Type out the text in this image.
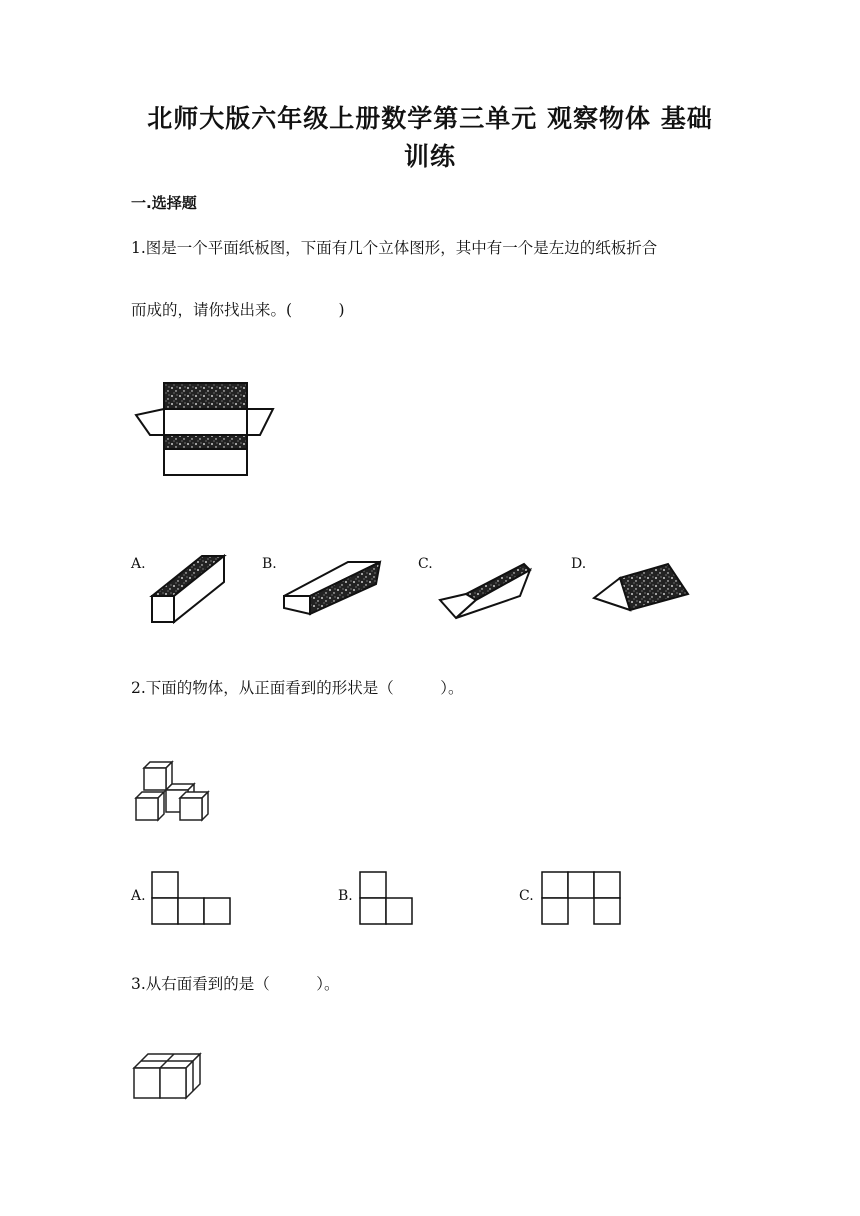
北师大版六年级上册数学第三单元 观察物体 基础
训练
一.选择题
1.图是一个平面纸板图，下面有几个立体图形，其中有一个是左边的纸板折合
而成的，请你找出来。(　　　)
A.	B.	C.	D.
2.下面的物体，从正面看到的形状是（　　　）。
A.	B.	C.
3.从右面看到的是（　　　）。
